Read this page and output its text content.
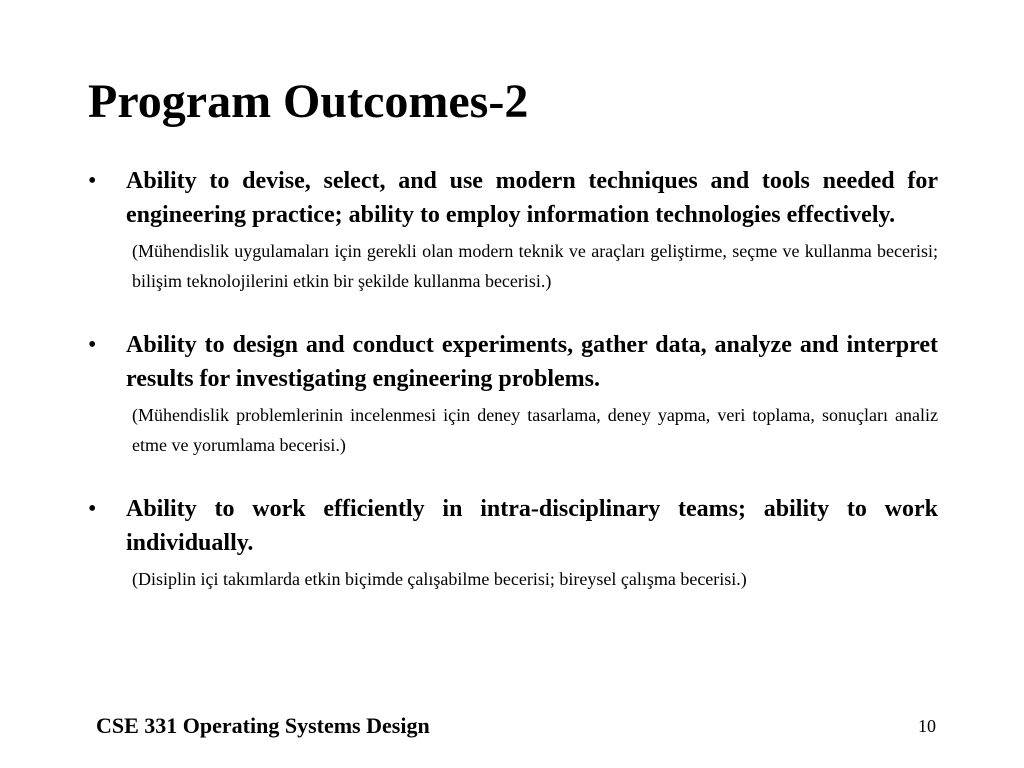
Program Outcomes-2
• Ability to devise, select, and use modern techniques and tools needed for engineering practice; ability to employ information technologies effectively.

(Mühendislik uygulamaları için gerekli olan modern teknik ve araçları geliştirme, seçme ve kullanma becerisi; bilişim teknolojilerini etkin bir şekilde kullanma becerisi.)

• Ability to design and conduct experiments, gather data, analyze and interpret results for investigating engineering problems.

(Mühendislik problemlerinin incelenmesi için deney tasarlama, deney yapma, veri toplama, sonuçları analiz etme ve yorumlama becerisi.)

• Ability to work efficiently in intra-disciplinary teams; ability to work individually.

(Disiplin içi takımlarda etkin biçimde çalışabilme becerisi; bireysel çalışma becerisi.)

CSE 331 Operating Systems Design	10
